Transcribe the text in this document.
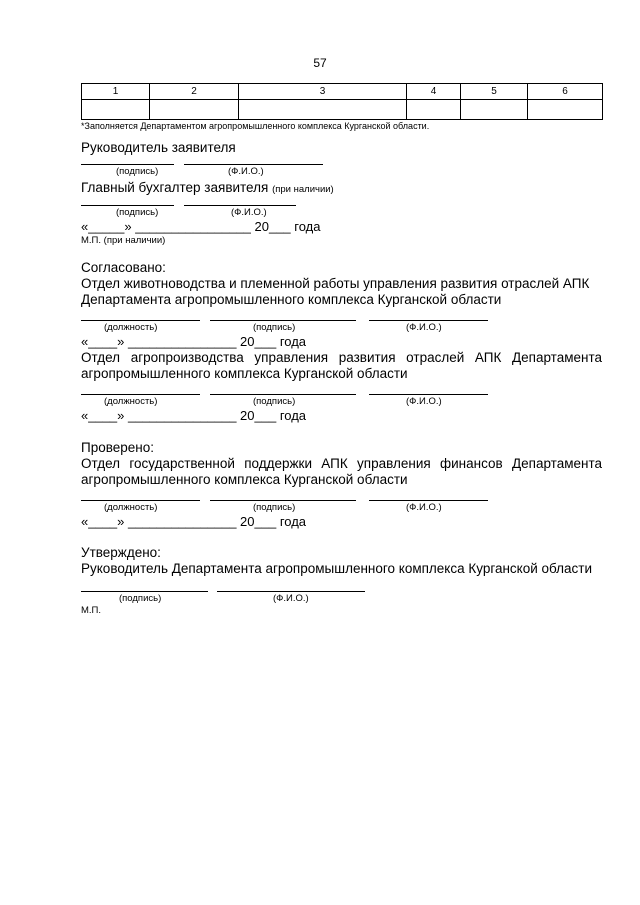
57
1	2	3	4	5	6

*Заполняется Департаментом агропромышленного комплекса Курганской области.
Руководитель заявителя
(подпись)	(Ф.И.О.)
Главный бухгалтер заявителя (при наличии)
(подпись)	(Ф.И.О.)
«_____» ________________ 20___ года
М.П. (при наличии)
Согласовано:
Отдел животноводства и племенной работы управления развития отраслей АПК
Департамента агропромышленного комплекса Курганской области
(должность)	(подпись)	(Ф.И.О.)
«____» _______________ 20___ года
Отдел агропроизводства управления развития отраслей АПК Департамента
агропромышленного комплекса Курганской области
(должность)	(подпись)	(Ф.И.О.)
«____» _______________ 20___ года
Проверено:
Отдел государственной поддержки АПК управления финансов Департамента
агропромышленного комплекса Курганской области
(должность)	(подпись)	(Ф.И.О.)
«____» _______________ 20___ года
Утверждено:
Руководитель Департамента агропромышленного комплекса Курганской области
(подпись)	(Ф.И.О.)
М.П.
